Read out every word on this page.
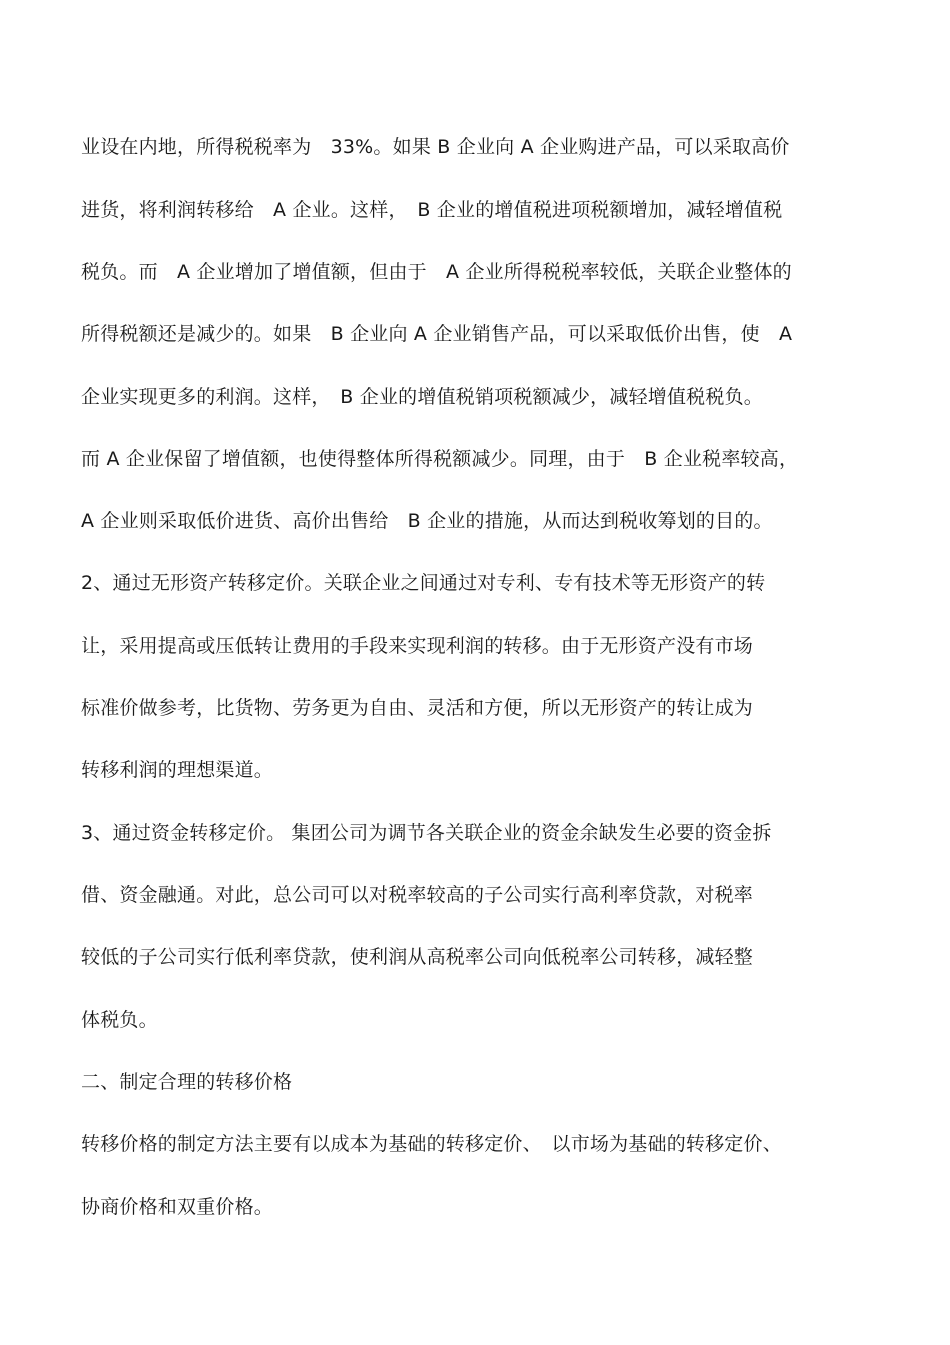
业设在内地，所得税税率为　33%。如果 B 企业向 A 企业购进产品，可以采取高价
进货，将利润转移给　A 企业。这样，　B 企业的增值税进项税额增加，减轻增值税
税负。而　A 企业增加了增值额，但由于　A 企业所得税税率较低，关联企业整体的
所得税额还是减少的。如果　B 企业向 A 企业销售产品，可以采取低价出售，使　A
企业实现更多的利润。这样，　B 企业的增值税销项税额减少，减轻增值税税负。
而 A 企业保留了增值额，也使得整体所得税额减少。同理，由于　B 企业税率较高，
A 企业则采取低价进货、高价出售给　B 企业的措施，从而达到税收筹划的目的。
2、通过无形资产转移定价。关联企业之间通过对专利、专有技术等无形资产的转
让，采用提高或压低转让费用的手段来实现利润的转移。由于无形资产没有市场
标准价做参考，比货物、劳务更为自由、灵活和方便，所以无形资产的转让成为
转移利润的理想渠道。
3、通过资金转移定价。 集团公司为调节各关联企业的资金余缺发生必要的资金拆
借、资金融通。对此，总公司可以对税率较高的子公司实行高利率贷款，对税率
较低的子公司实行低利率贷款，使利润从高税率公司向低税率公司转移，减轻整
体税负。
二、制定合理的转移价格
转移价格的制定方法主要有以成本为基础的转移定价、　以市场为基础的转移定价、
协商价格和双重价格。
